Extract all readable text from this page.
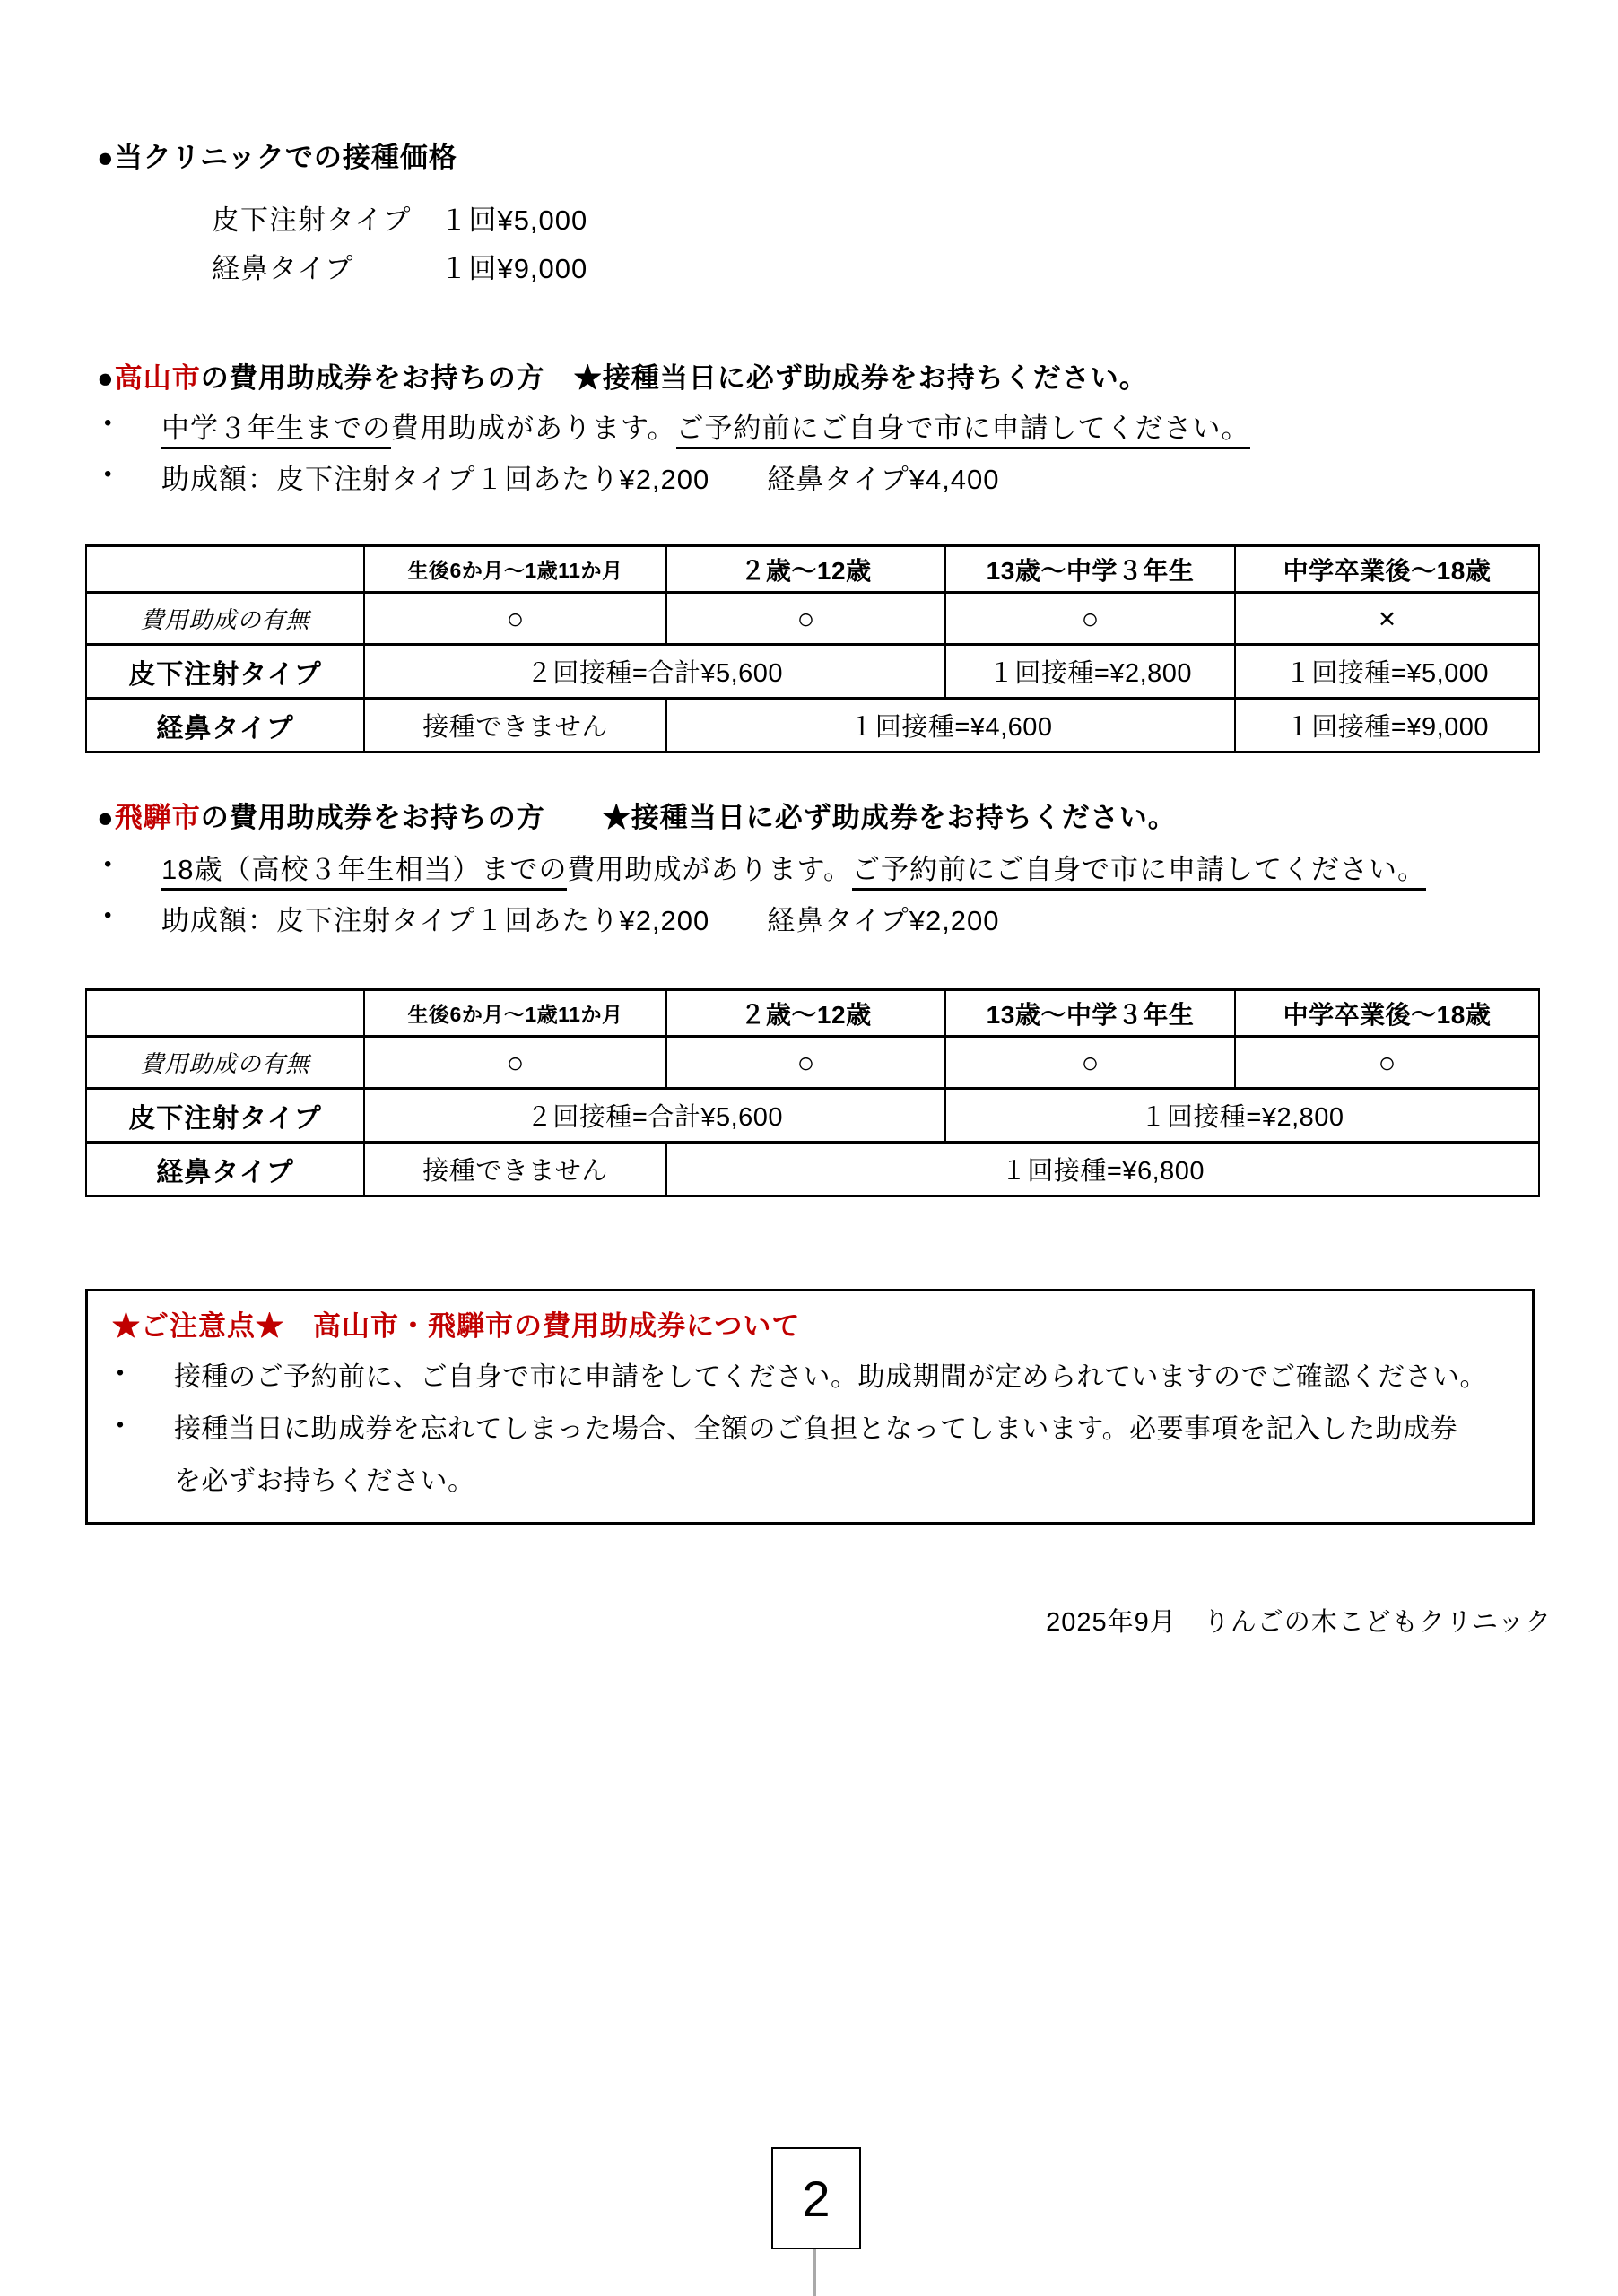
●当クリニックでの接種価格
皮下注射タイプ　１回¥5,000
経鼻タイプ　　　１回¥9,000
●高山市の費用助成券をお持ちの方　★接種当日に必ず助成券をお持ちください。
•	中学３年生までの費用助成があります。ご予約前にご自身で市に申請してください。
•	助成額：皮下注射タイプ１回あたり¥2,200　　経鼻タイプ¥4,400
	生後6か月〜1歳11か月	２歳〜12歳	13歳〜中学３年生	中学卒業後〜18歳
費用助成の有無	○	○	○	×
皮下注射タイプ	２回接種=合計¥5,600		１回接種=¥2,800	１回接種=¥5,000
経鼻タイプ	接種できません	１回接種=¥4,600		１回接種=¥9,000
●飛騨市の費用助成券をお持ちの方　　★接種当日に必ず助成券をお持ちください。
•	18歳（高校３年生相当）までの費用助成があります。ご予約前にご自身で市に申請してください。
•	助成額：皮下注射タイプ１回あたり¥2,200　　経鼻タイプ¥2,200
	生後6か月〜1歳11か月	２歳〜12歳	13歳〜中学３年生	中学卒業後〜18歳
費用助成の有無	○	○	○	○
皮下注射タイプ	２回接種=合計¥5,600		１回接種=¥2,800	
経鼻タイプ	接種できません	１回接種=¥6,800		
★ご注意点★　高山市・飛騨市の費用助成券について
•	接種のご予約前に、ご自身で市に申請をしてください。助成期間が定められていますのでご確認ください。
•	接種当日に助成券を忘れてしまった場合、全額のご負担となってしまいます。必要事項を記入した助成券
を必ずお持ちください。
2025年9月　りんごの木こどもクリニック
2
